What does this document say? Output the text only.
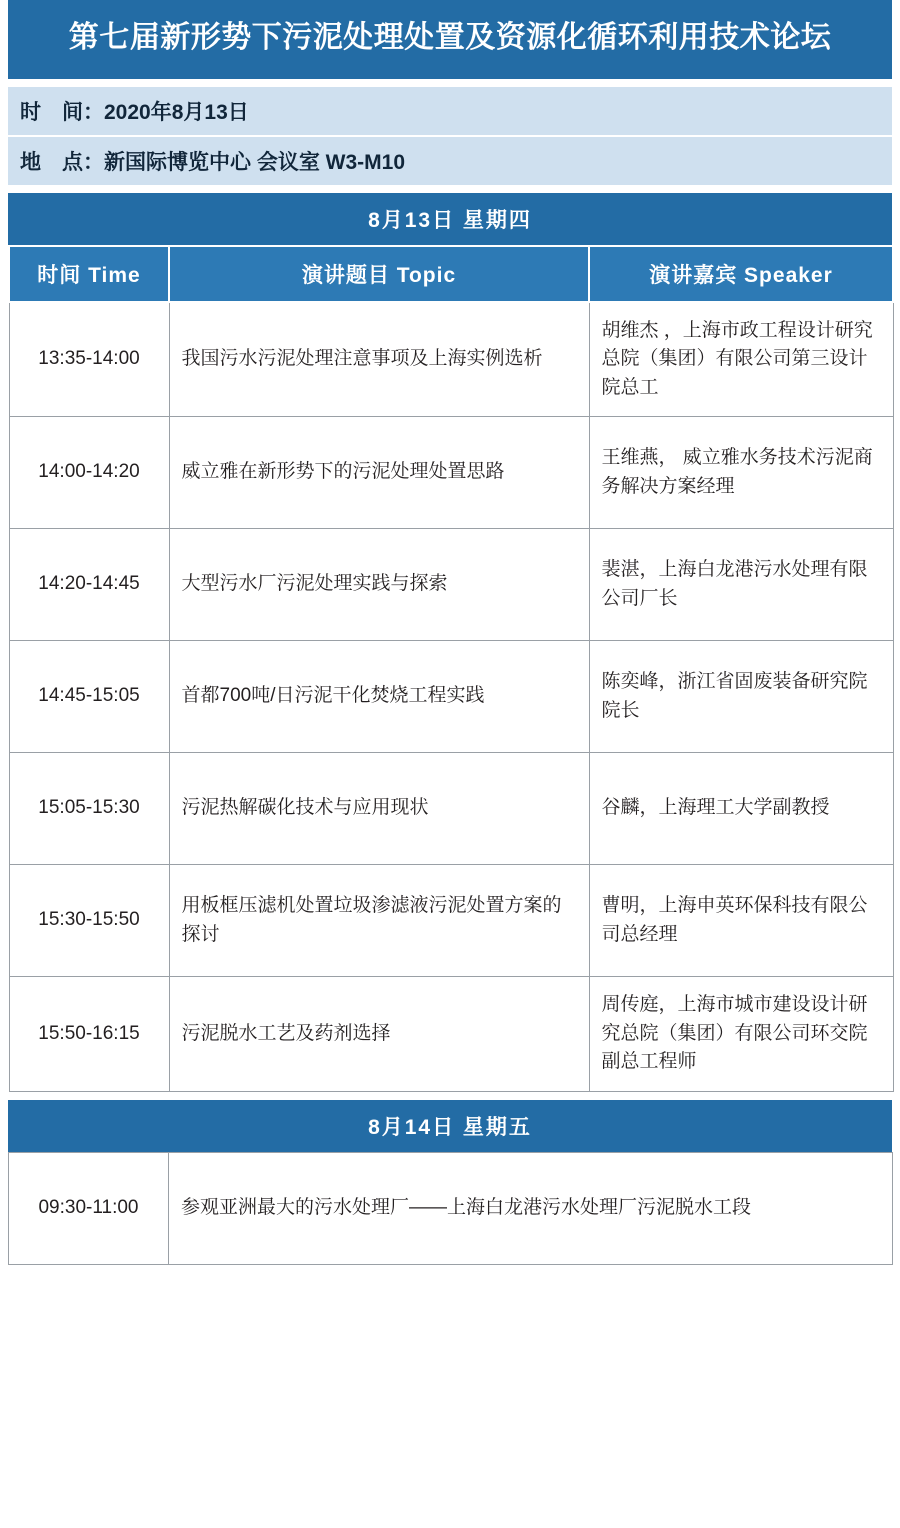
第七届新形势下污泥处理处置及资源化循环利用技术论坛
时　间：2020年8月13日
地　点：新国际博览中心 会议室 W3-M10
8月13日 星期四
时间 Time	演讲题目 Topic	演讲嘉宾 Speaker
13:35-14:00	我国污水污泥处理注意事项及上海实例选析	胡维杰 ，上海市政工程设计研究总院（集团）有限公司第三设计院总工
14:00-14:20	威立雅在新形势下的污泥处理处置思路	王维燕， 威立雅水务技术污泥商务解决方案经理
14:20-14:45	大型污水厂污泥处理实践与探索	裴湛，上海白龙港污水处理有限公司厂长
14:45-15:05	首都700吨/日污泥干化焚烧工程实践	陈奕峰，浙江省固废装备研究院院长
15:05-15:30	污泥热解碳化技术与应用现状	谷麟，上海理工大学副教授
15:30-15:50	用板框压滤机处置垃圾渗滤液污泥处置方案的探讨	曹明，上海申英环保科技有限公司总经理
15:50-16:15	污泥脱水工艺及药剂选择	周传庭，上海市城市建设设计研究总院（集团）有限公司环交院副总工程师
8月14日 星期五
09:30-11:00	参观亚洲最大的污水处理厂——上海白龙港污水处理厂污泥脱水工段
